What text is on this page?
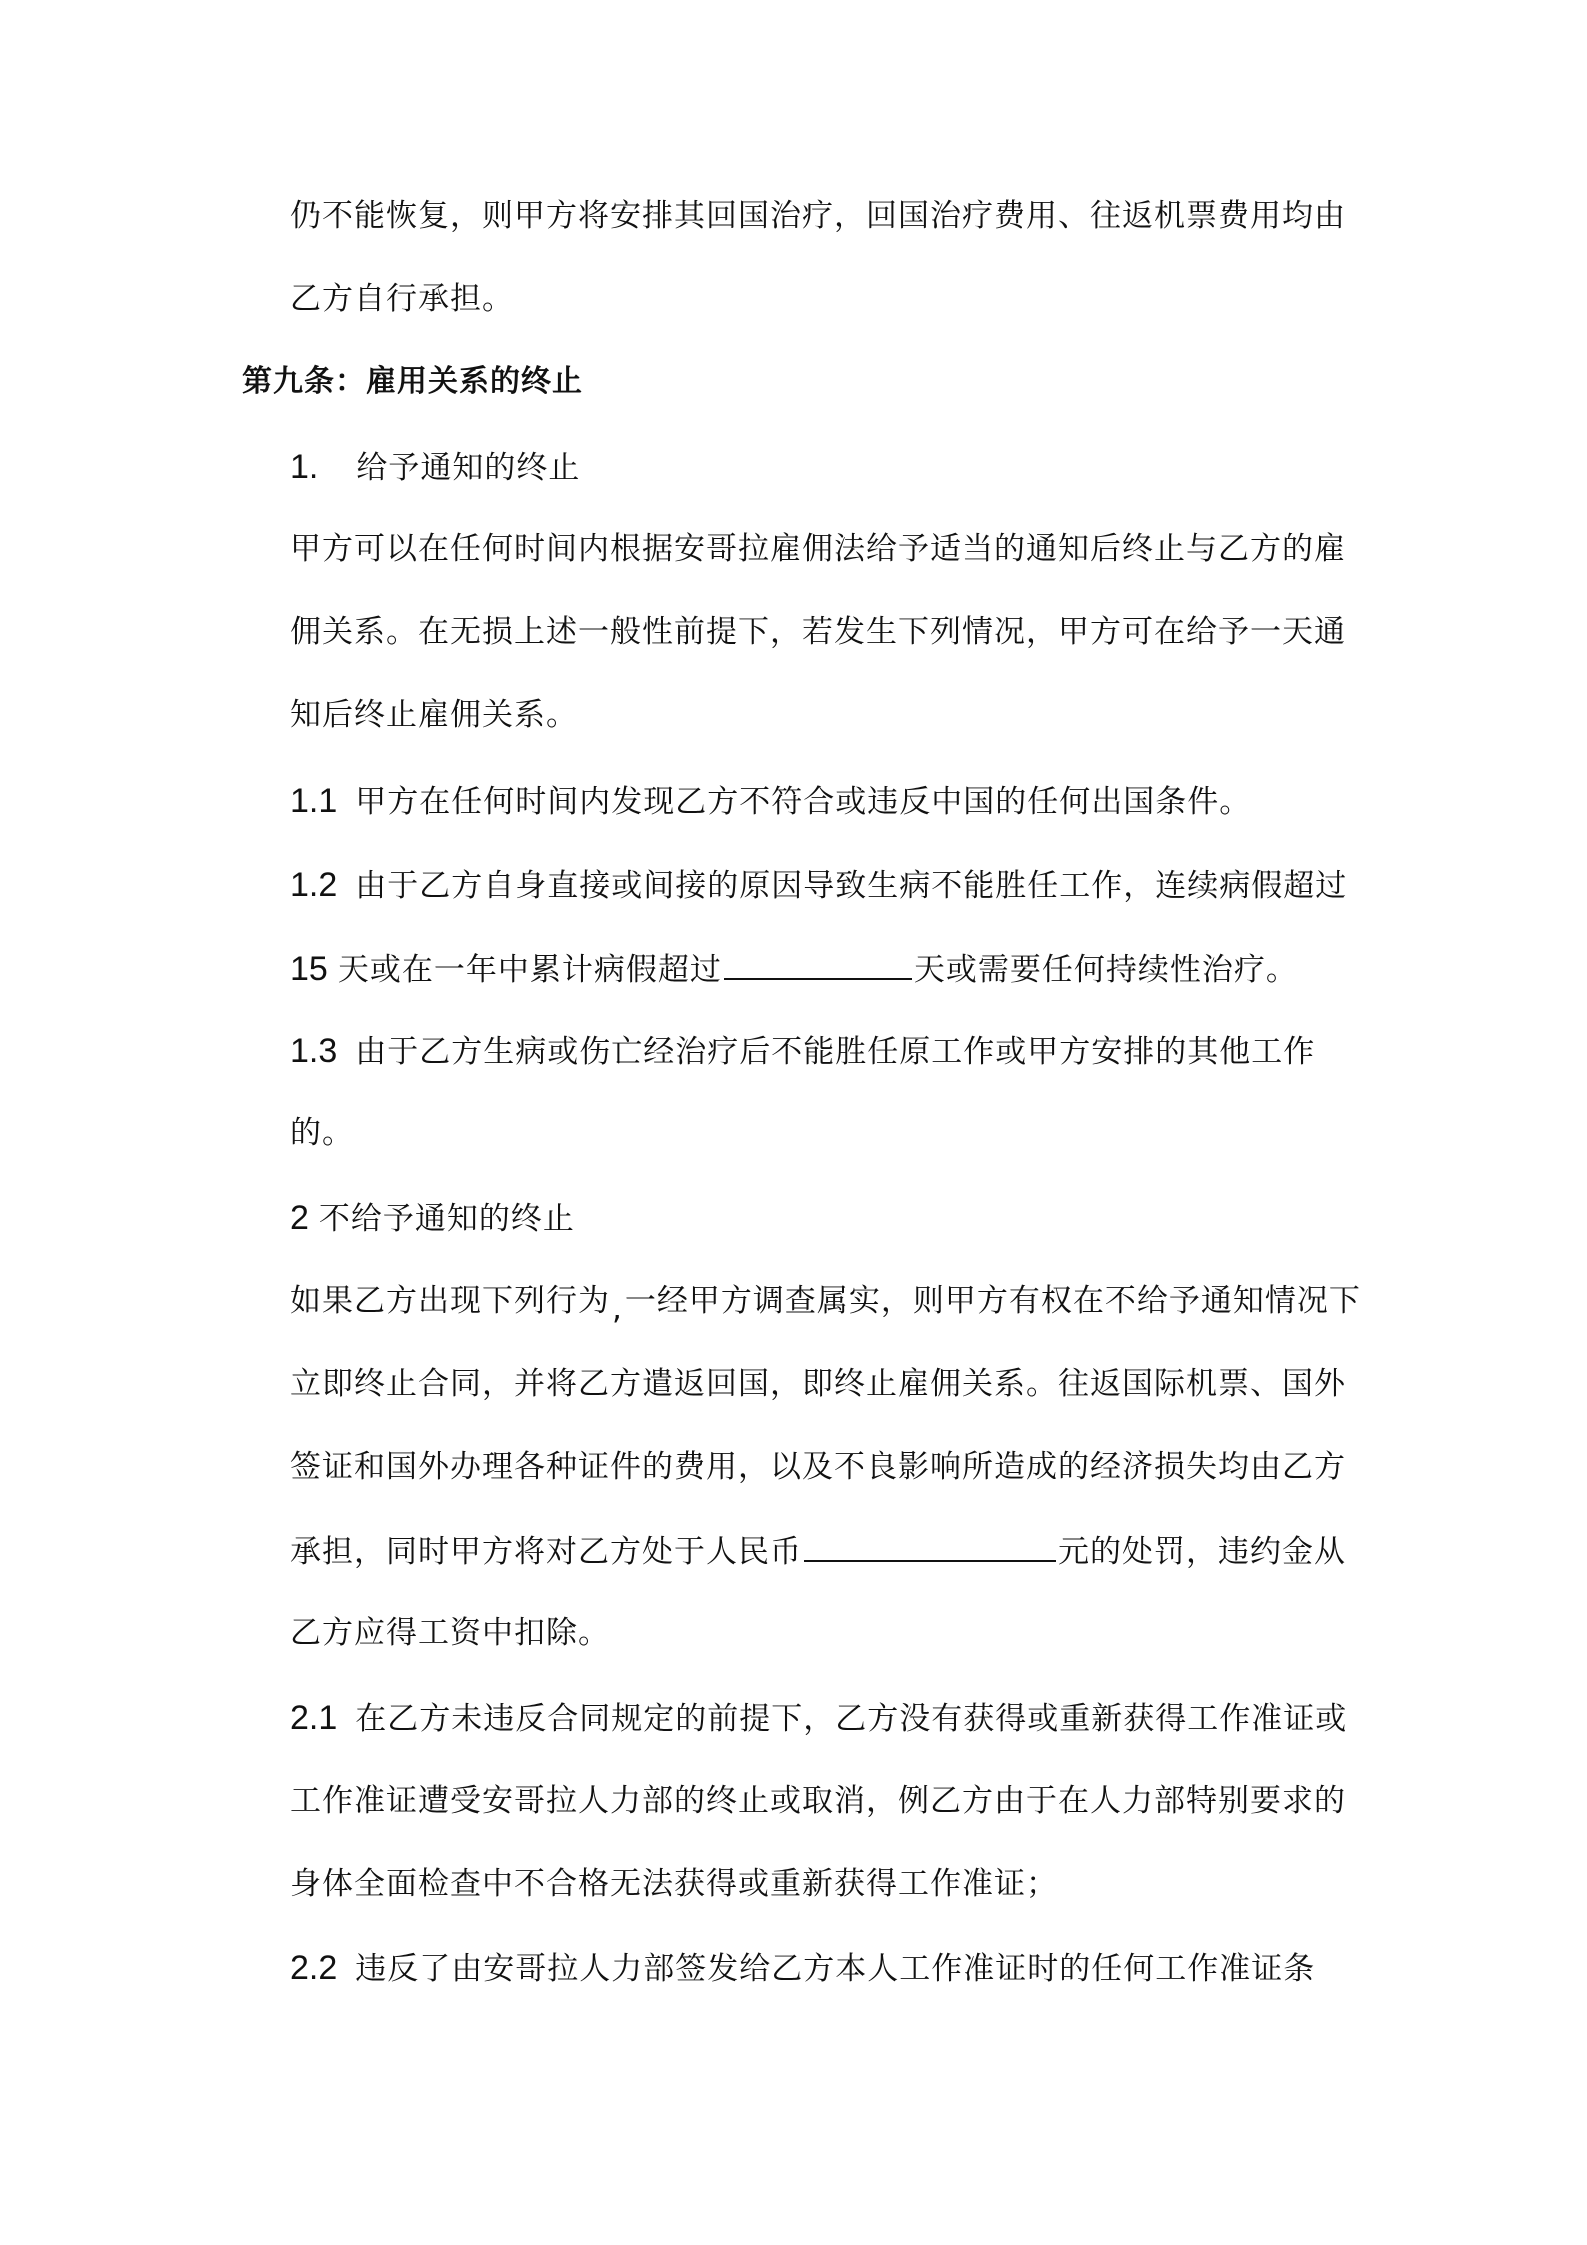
仍不能恢复，则甲方将安排其回国治疗，回国治疗费用、往返机票费用均由
乙方自行承担。
第九条：雇用关系的终止
1. 给予通知的终止
甲方可以在任何时间内根据安哥拉雇佣法给予适当的通知后终止与乙方的雇
佣关系。在无损上述一般性前提下，若发生下列情况，甲方可在给予一天通
知后终止雇佣关系。
1.1 甲方在任何时间内发现乙方不符合或违反中国的任何出国条件。
1.2 由于乙方自身直接或间接的原因导致生病不能胜任工作，连续病假超过
15 天或在一年中累计病假超过	天或需要任何持续性治疗。
1.3 由于乙方生病或伤亡经治疗后不能胜任原工作或甲方安排的其他工作
的。
2 不给予通知的终止
如果乙方出现下列行为,一经甲方调查属实，则甲方有权在不给予通知情况下
立即终止合同，并将乙方遣返回国，即终止雇佣关系。往返国际机票、国外
签证和国外办理各种证件的费用，以及不良影响所造成的经济损失均由乙方
承担，同时甲方将对乙方处于人民币	元的处罚，违约金从
乙方应得工资中扣除。
2.1 在乙方未违反合同规定的前提下，乙方没有获得或重新获得工作准证或
工作准证遭受安哥拉人力部的终止或取消，例乙方由于在人力部特别要求的
身体全面检查中不合格无法获得或重新获得工作准证；
2.2 违反了由安哥拉人力部签发给乙方本人工作准证时的任何工作准证条
